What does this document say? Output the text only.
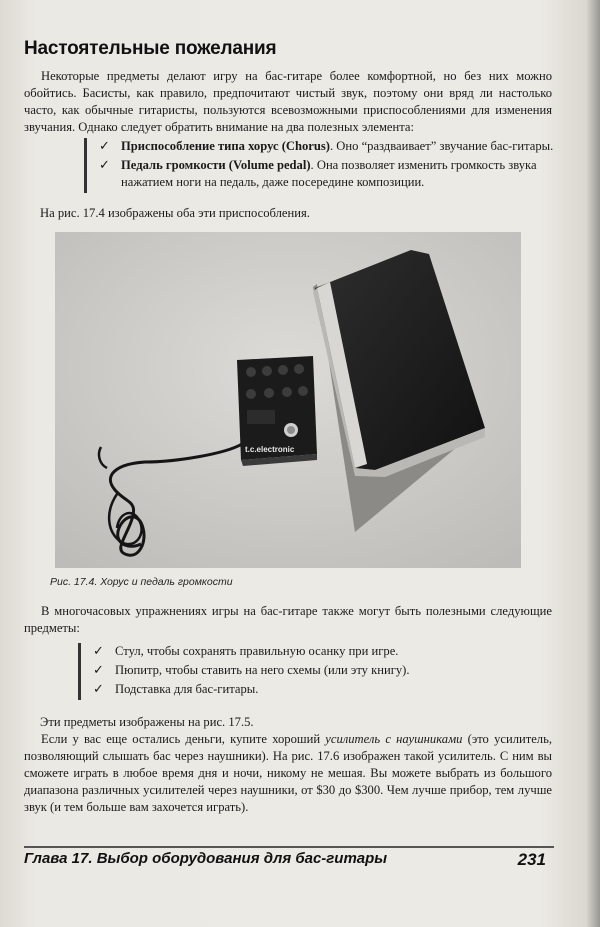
Настоятельные пожелания

Некоторые предметы делают игру на бас-гитаре более комфортной, но без них можно обойтись. Басисты, как правило, предпочитают чистый звук, поэтому они вряд ли настолько часто, как обычные гитаристы, пользуются всевозможными приспособлениями для изменения звучания. Однако следует обратить внимание на два полезных элемента:

✓ Приспособление типа хорус (Chorus). Оно “раздваивает” звучание бас-гитары.
✓ Педаль громкости (Volume pedal). Она позволяет изменить громкость звука нажатием ноги на педаль, даже посередине композиции.

На рис. 17.4 изображены оба эти приспособления.

t.c.electronic
Рис. 17.4. Хорус и педаль громкости

В многочасовых упражнениях игры на бас-гитаре также могут быть полезными следующие предметы:

✓ Стул, чтобы сохранять правильную осанку при игре.
✓ Пюпитр, чтобы ставить на него схемы (или эту книгу).
✓ Подставка для бас-гитары.

Эти предметы изображены на рис. 17.5.

Если у вас еще остались деньги, купите хороший усилитель с наушниками (это усилитель, позволяющий слышать бас через наушники). На рис. 17.6 изображен такой усилитель. С ним вы сможете играть в любое время дня и ночи, никому не мешая. Вы можете выбрать из большого диапазона различных усилителей через наушники, от $30 до $300. Чем лучше прибор, тем лучше звук (и тем больше вам захочется играть).

Глава 17. Выбор оборудования для бас-гитары	231
